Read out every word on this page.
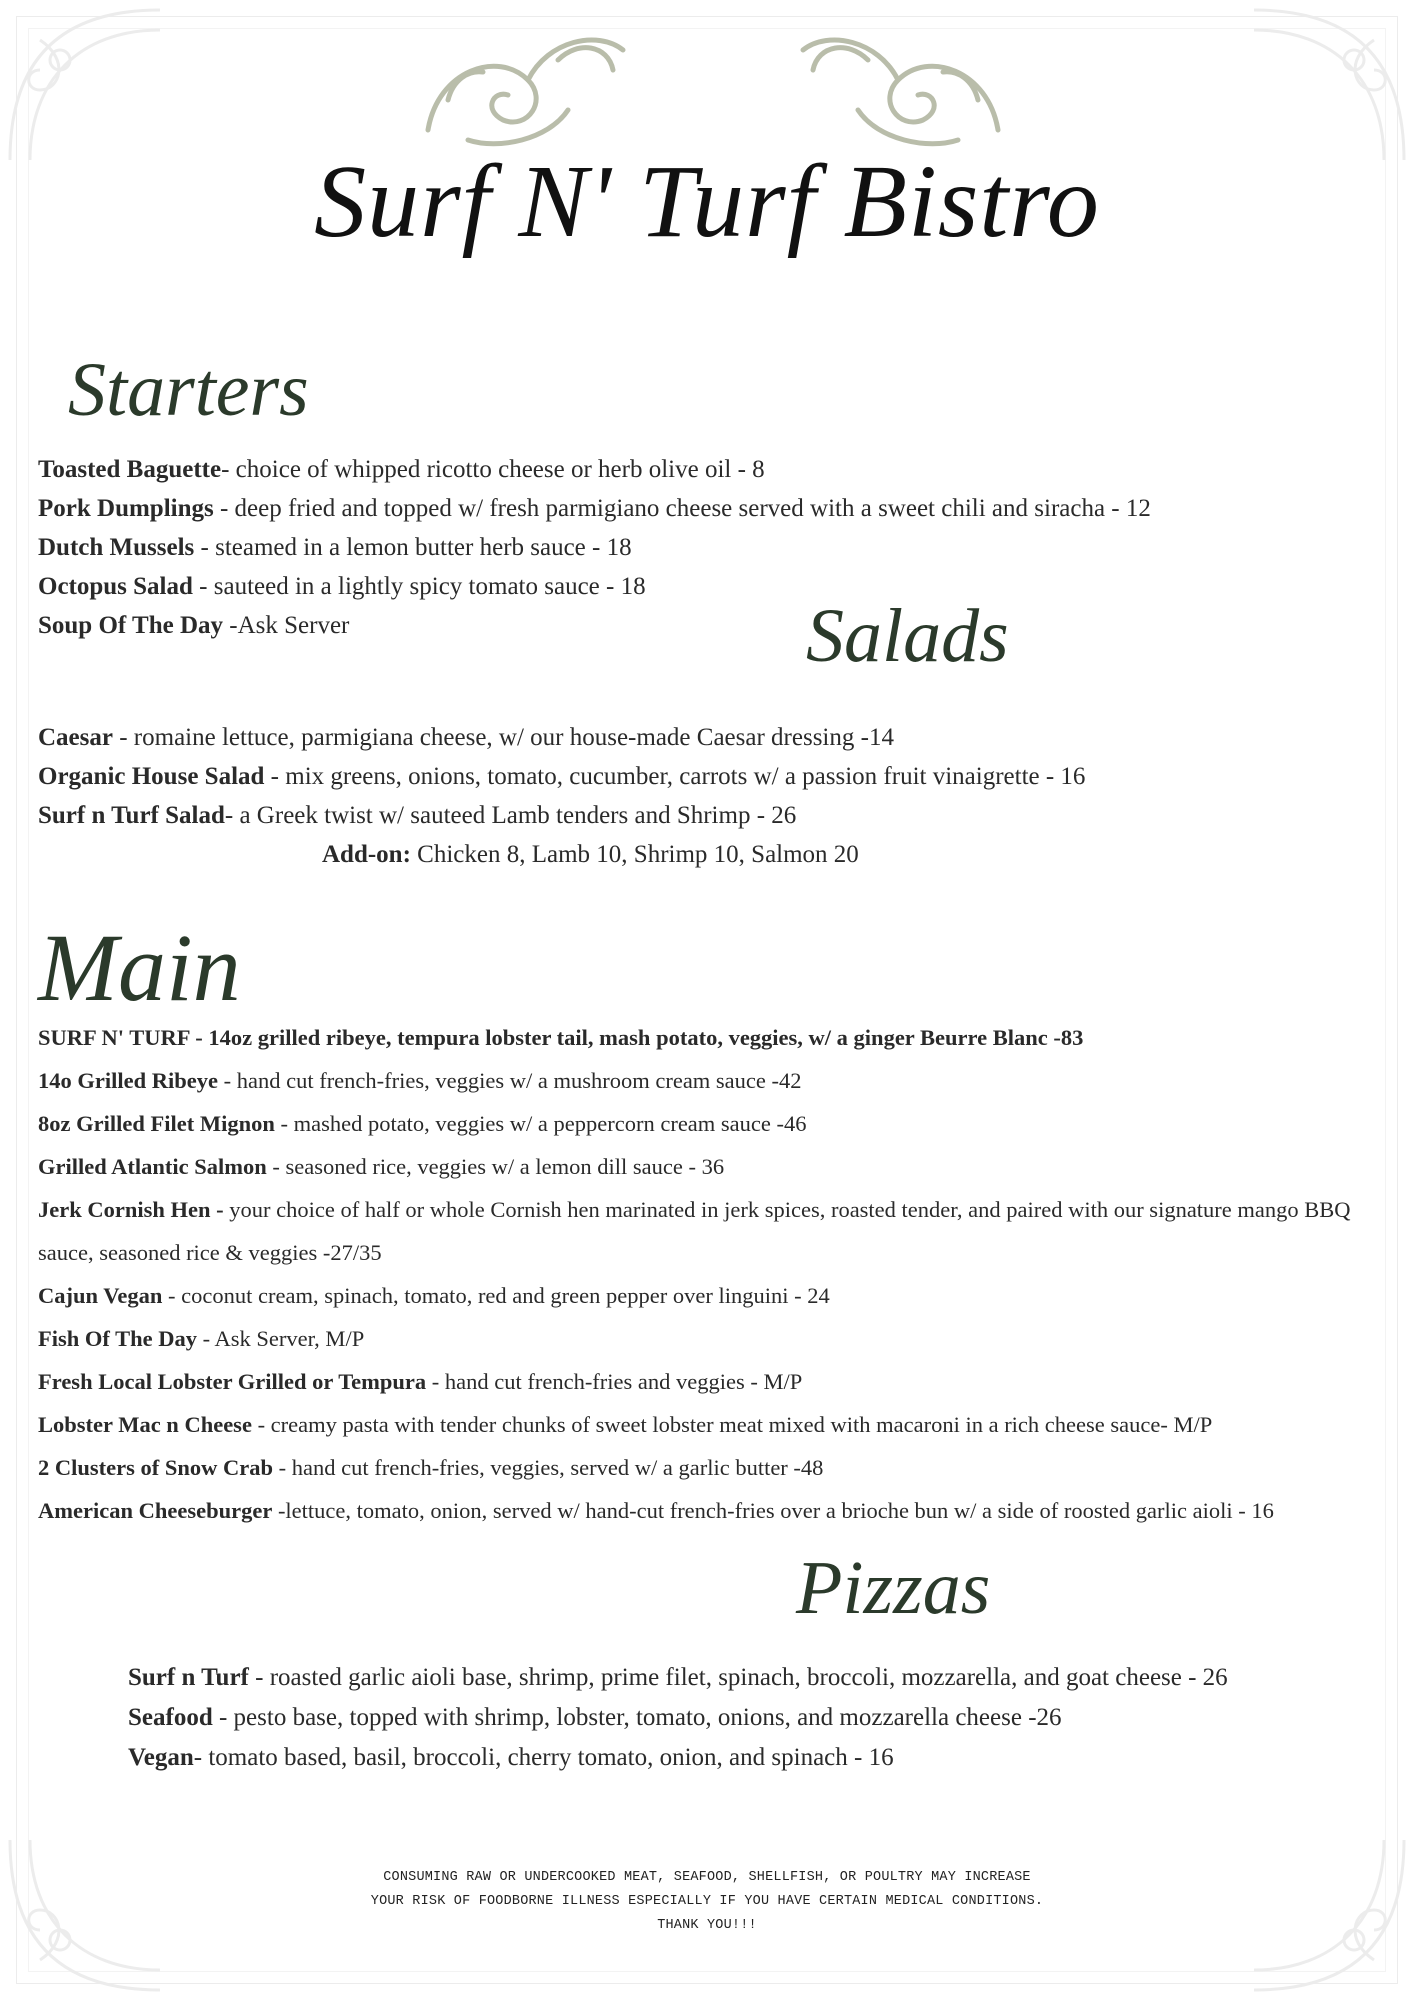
Surf N' Turf Bistro
Starters
Toasted Baguette- choice of whipped ricotto cheese or herb olive oil - 8
Pork Dumplings - deep fried and topped w/ fresh parmigiano cheese served with a sweet chili and siracha - 12
Dutch Mussels - steamed in a lemon butter herb sauce - 18
Octopus Salad - sauteed in a lightly spicy tomato sauce - 18
Soup Of The Day -Ask Server	Salads
Caesar - romaine lettuce, parmigiana cheese, w/ our house-made Caesar dressing -14
Organic House Salad - mix greens, onions, tomato, cucumber, carrots w/ a passion fruit vinaigrette - 16
Surf n Turf Salad- a Greek twist w/ sauteed Lamb tenders and Shrimp - 26
Add-on: Chicken 8, Lamb 10, Shrimp 10, Salmon 20
Main
SURF N' TURF - 14oz grilled ribeye, tempura lobster tail, mash potato, veggies, w/ a ginger Beurre Blanc -83
14o Grilled Ribeye - hand cut french-fries, veggies w/ a mushroom cream sauce -42
8oz Grilled Filet Mignon - mashed potato, veggies w/ a peppercorn cream sauce -46
Grilled Atlantic Salmon - seasoned rice, veggies w/ a lemon dill sauce - 36
Jerk Cornish Hen - your choice of half or whole Cornish hen marinated in jerk spices, roasted tender, and paired with our signature mango BBQ sauce, seasoned rice & veggies -27/35
Cajun Vegan - coconut cream, spinach, tomato, red and green pepper over linguini - 24
Fish Of The Day - Ask Server, M/P
Fresh Local Lobster Grilled or Tempura - hand cut french-fries and veggies - M/P
Lobster Mac n Cheese - creamy pasta with tender chunks of sweet lobster meat mixed with macaroni in a rich cheese sauce- M/P
2 Clusters of Snow Crab - hand cut french-fries, veggies, served w/ a garlic butter -48
American Cheeseburger -lettuce, tomato, onion, served w/ hand-cut french-fries over a brioche bun w/ a side of roosted garlic aioli - 16
Pizzas
Surf n Turf - roasted garlic aioli base, shrimp, prime filet, spinach, broccoli, mozzarella, and goat cheese - 26
Seafood - pesto base, topped with shrimp, lobster, tomato, onions, and mozzarella cheese -26
Vegan- tomato based, basil, broccoli, cherry tomato, onion, and spinach - 16
CONSUMING RAW OR UNDERCOOKED MEAT, SEAFOOD, SHELLFISH, OR POULTRY MAY INCREASE
YOUR RISK OF FOODBORNE ILLNESS ESPECIALLY IF YOU HAVE CERTAIN MEDICAL CONDITIONS.
THANK YOU!!!
